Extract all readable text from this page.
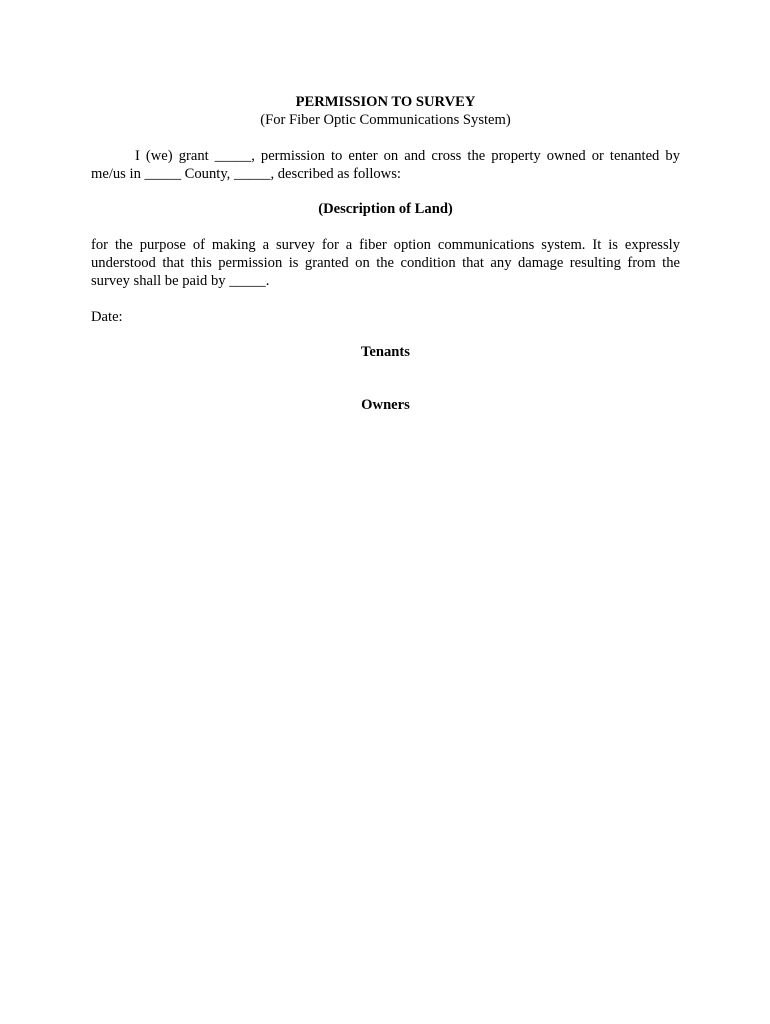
PERMISSION TO SURVEY

(For Fiber Optic Communications System)

I (we) grant _____, permission to enter on and cross the property owned or tenanted by me/us in _____ County, _____, described as follows:

(Description of Land)

for the purpose of making a survey for a fiber option communications system. It is expressly understood that this permission is granted on the condition that any damage resulting from the survey shall be paid by _____.

Date:

Tenants

Owners
